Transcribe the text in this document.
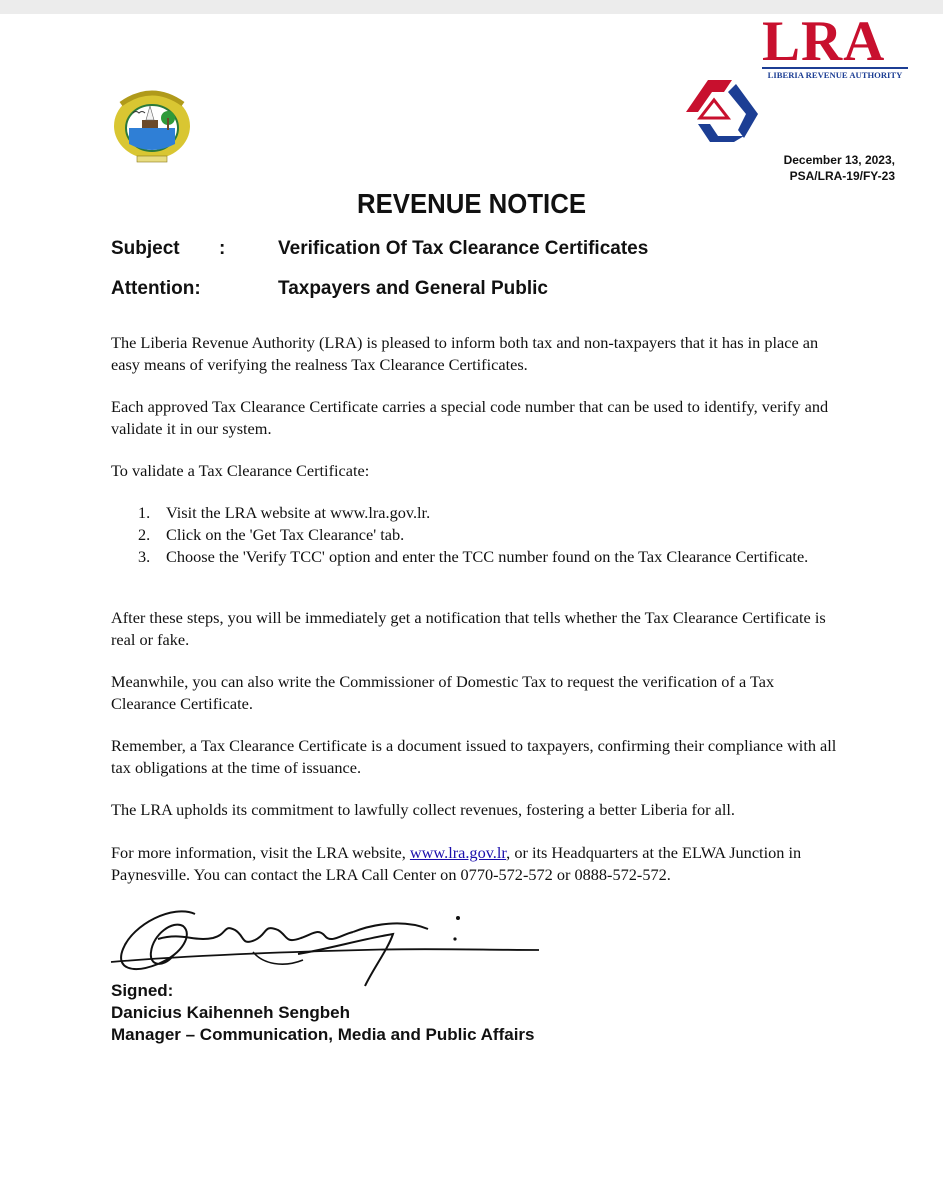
LRA
LIBERIA REVENUE AUTHORITY
December 13, 2023,
PSA/LRA-19/FY-23
REVENUE NOTICE
Subject :	Verification Of Tax Clearance Certificates
Attention:	Taxpayers and General Public

The Liberia Revenue Authority (LRA) is pleased to inform both tax and non-taxpayers that it has in place an easy means of verifying the realness Tax Clearance Certificates.

Each approved Tax Clearance Certificate carries a special code number that can be used to identify, verify and validate it in our system.

To validate a Tax Clearance Certificate:

1. Visit the LRA website at www.lra.gov.lr.
2. Click on the 'Get Tax Clearance' tab.
3. Choose the 'Verify TCC' option and enter the TCC number found on the Tax Clearance Certificate.

After these steps, you will be immediately get a notification that tells whether the Tax Clearance Certificate is real or fake.

Meanwhile, you can also write the Commissioner of Domestic Tax to request the verification of a Tax Clearance Certificate.

Remember, a Tax Clearance Certificate is a document issued to taxpayers, confirming their compliance with all tax obligations at the time of issuance.

The LRA upholds its commitment to lawfully collect revenues, fostering a better Liberia for all.

For more information, visit the LRA website, www.lra.gov.lr, or its Headquarters at the ELWA Junction in Paynesville. You can contact the LRA Call Center on 0770-572-572 or 0888-572-572.

Signed:
Danicius Kaihenneh Sengbeh
Manager – Communication, Media and Public Affairs
